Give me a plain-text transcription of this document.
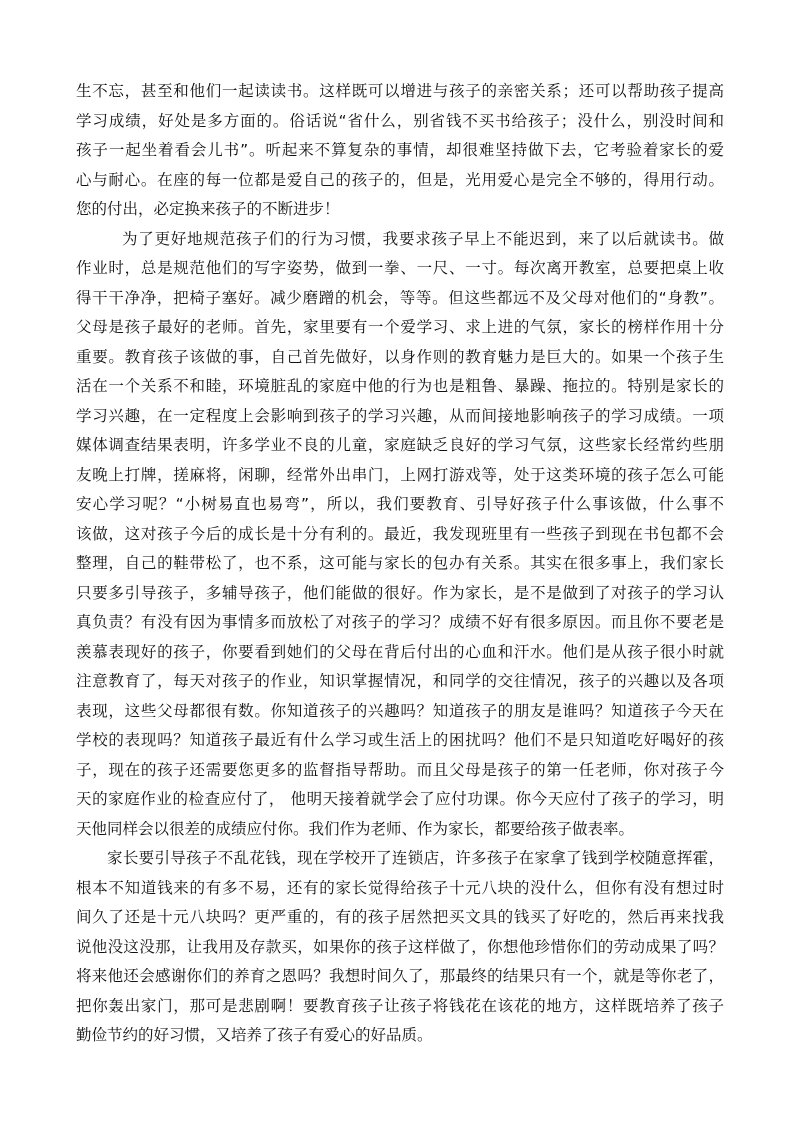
生不忘，甚至和他们一起读读书。这样既可以增进与孩子的亲密关系；还可以帮助孩子提高
学习成绩，好处是多方面的。俗话说“省什么，别省钱不买书给孩子；没什么，别没时间和
孩子一起坐着看会儿书”。听起来不算复杂的事情，却很难坚持做下去，它考验着家长的爱
心与耐心。在座的每一位都是爱自己的孩子的，但是，光用爱心是完全不够的，得用行动。
您的付出，必定换来孩子的不断进步！
为了更好地规范孩子们的行为习惯，我要求孩子早上不能迟到，来了以后就读书。做
作业时，总是规范他们的写字姿势，做到一拳、一尺、一寸。每次离开教室，总要把桌上收
得干干净净，把椅子塞好。减少磨蹭的机会，等等。但这些都远不及父母对他们的“身教”。
父母是孩子最好的老师。首先，家里要有一个爱学习、求上进的气氛，家长的榜样作用十分
重要。教育孩子该做的事，自己首先做好，以身作则的教育魅力是巨大的。如果一个孩子生
活在一个关系不和睦，环境脏乱的家庭中他的行为也是粗鲁、暴躁、拖拉的。特别是家长的
学习兴趣，在一定程度上会影响到孩子的学习兴趣，从而间接地影响孩子的学习成绩。一项
媒体调查结果表明，许多学业不良的儿童，家庭缺乏良好的学习气氛，这些家长经常约些朋
友晚上打牌，搓麻将，闲聊，经常外出串门，上网打游戏等，处于这类环境的孩子怎么可能
安心学习呢？“小树易直也易弯”，所以，我们要教育、引导好孩子什么事该做，什么事不
该做，这对孩子今后的成长是十分有利的。最近，我发现班里有一些孩子到现在书包都不会
整理，自己的鞋带松了，也不系，这可能与家长的包办有关系。其实在很多事上，我们家长
只要多引导孩子，多辅导孩子，他们能做的很好。作为家长，是不是做到了对孩子的学习认
真负责？有没有因为事情多而放松了对孩子的学习？成绩不好有很多原因。而且你不要老是
羡慕表现好的孩子，你要看到她们的父母在背后付出的心血和汗水。他们是从孩子很小时就
注意教育了，每天对孩子的作业，知识掌握情况，和同学的交往情况，孩子的兴趣以及各项
表现，这些父母都很有数。你知道孩子的兴趣吗？知道孩子的朋友是谁吗？知道孩子今天在
学校的表现吗？知道孩子最近有什么学习或生活上的困扰吗？他们不是只知道吃好喝好的孩
子，现在的孩子还需要您更多的监督指导帮助。而且父母是孩子的第一任老师，你对孩子今
天的家庭作业的检查应付了， 他明天接着就学会了应付功课。你今天应付了孩子的学习，明
天他同样会以很差的成绩应付你。我们作为老师、作为家长，都要给孩子做表率。
家长要引导孩子不乱花钱，现在学校开了连锁店，许多孩子在家拿了钱到学校随意挥霍，
根本不知道钱来的有多不易，还有的家长觉得给孩子十元八块的没什么，但你有没有想过时
间久了还是十元八块吗？更严重的，有的孩子居然把买文具的钱买了好吃的，然后再来找我
说他没这没那，让我用及存款买，如果你的孩子这样做了，你想他珍惜你们的劳动成果了吗？
将来他还会感谢你们的养育之恩吗？我想时间久了，那最终的结果只有一个，就是等你老了，
把你轰出家门，那可是悲剧啊！要教育孩子让孩子将钱花在该花的地方，这样既培养了孩子
勤俭节约的好习惯，又培养了孩子有爱心的好品质。
